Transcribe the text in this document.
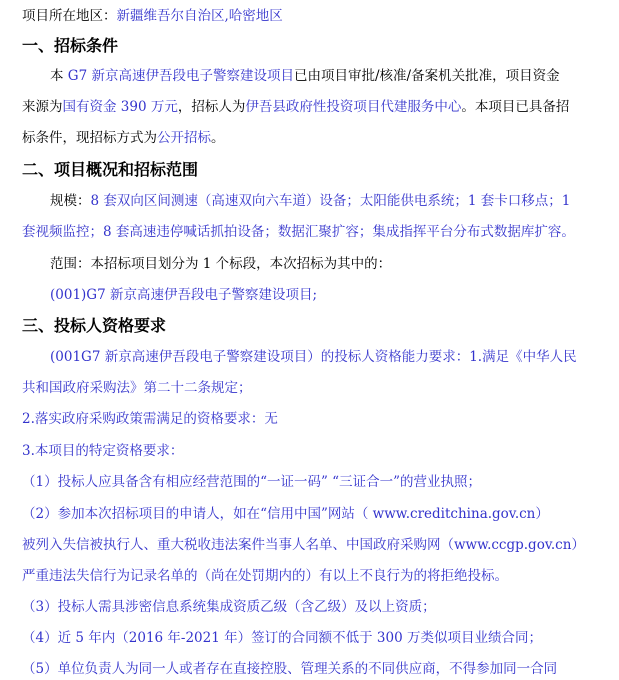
项目所在地区：新疆维吾尔自治区,哈密地区
一、招标条件
本 G7 新京高速伊吾段电子警察建设项目已由项目审批/核准/备案机关批准，项目资金
来源为国有资金 390 万元，招标人为伊吾县政府性投资项目代建服务中心。本项目已具备招
标条件，现招标方式为公开招标。
二、项目概况和招标范围
规模：8 套双向区间测速（高速双向六车道）设备；太阳能供电系统；1 套卡口移点；1
套视频监控；8 套高速违停喊话抓拍设备；数据汇聚扩容；集成指挥平台分布式数据库扩容。
范围：本招标项目划分为 1 个标段，本次招标为其中的：
(001)G7 新京高速伊吾段电子警察建设项目;
三、投标人资格要求
(001G7 新京高速伊吾段电子警察建设项目）的投标人资格能力要求：1.满足《中华人民
共和国政府采购法》第二十二条规定；
2.落实政府采购政策需满足的资格要求：无
3.本项目的特定资格要求：
（1）投标人应具备含有相应经营范围的“一证一码” “三证合一”的营业执照；
（2）参加本次招标项目的申请人，如在“信用中国”网站（ www.creditchina.gov.cn）
被列入失信被执行人、重大税收违法案件当事人名单、中国政府采购网（www.ccgp.gov.cn）
严重违法失信行为记录名单的（尚在处罚期内的）有以上不良行为的将拒绝投标。
（3）投标人需具涉密信息系统集成资质乙级（含乙级）及以上资质；
（4）近 5 年内（2016 年-2021 年）签订的合同额不低于 300 万类似项目业绩合同；
（5）单位负责人为同一人或者存在直接控股、管理关系的不同供应商，不得参加同一合同
